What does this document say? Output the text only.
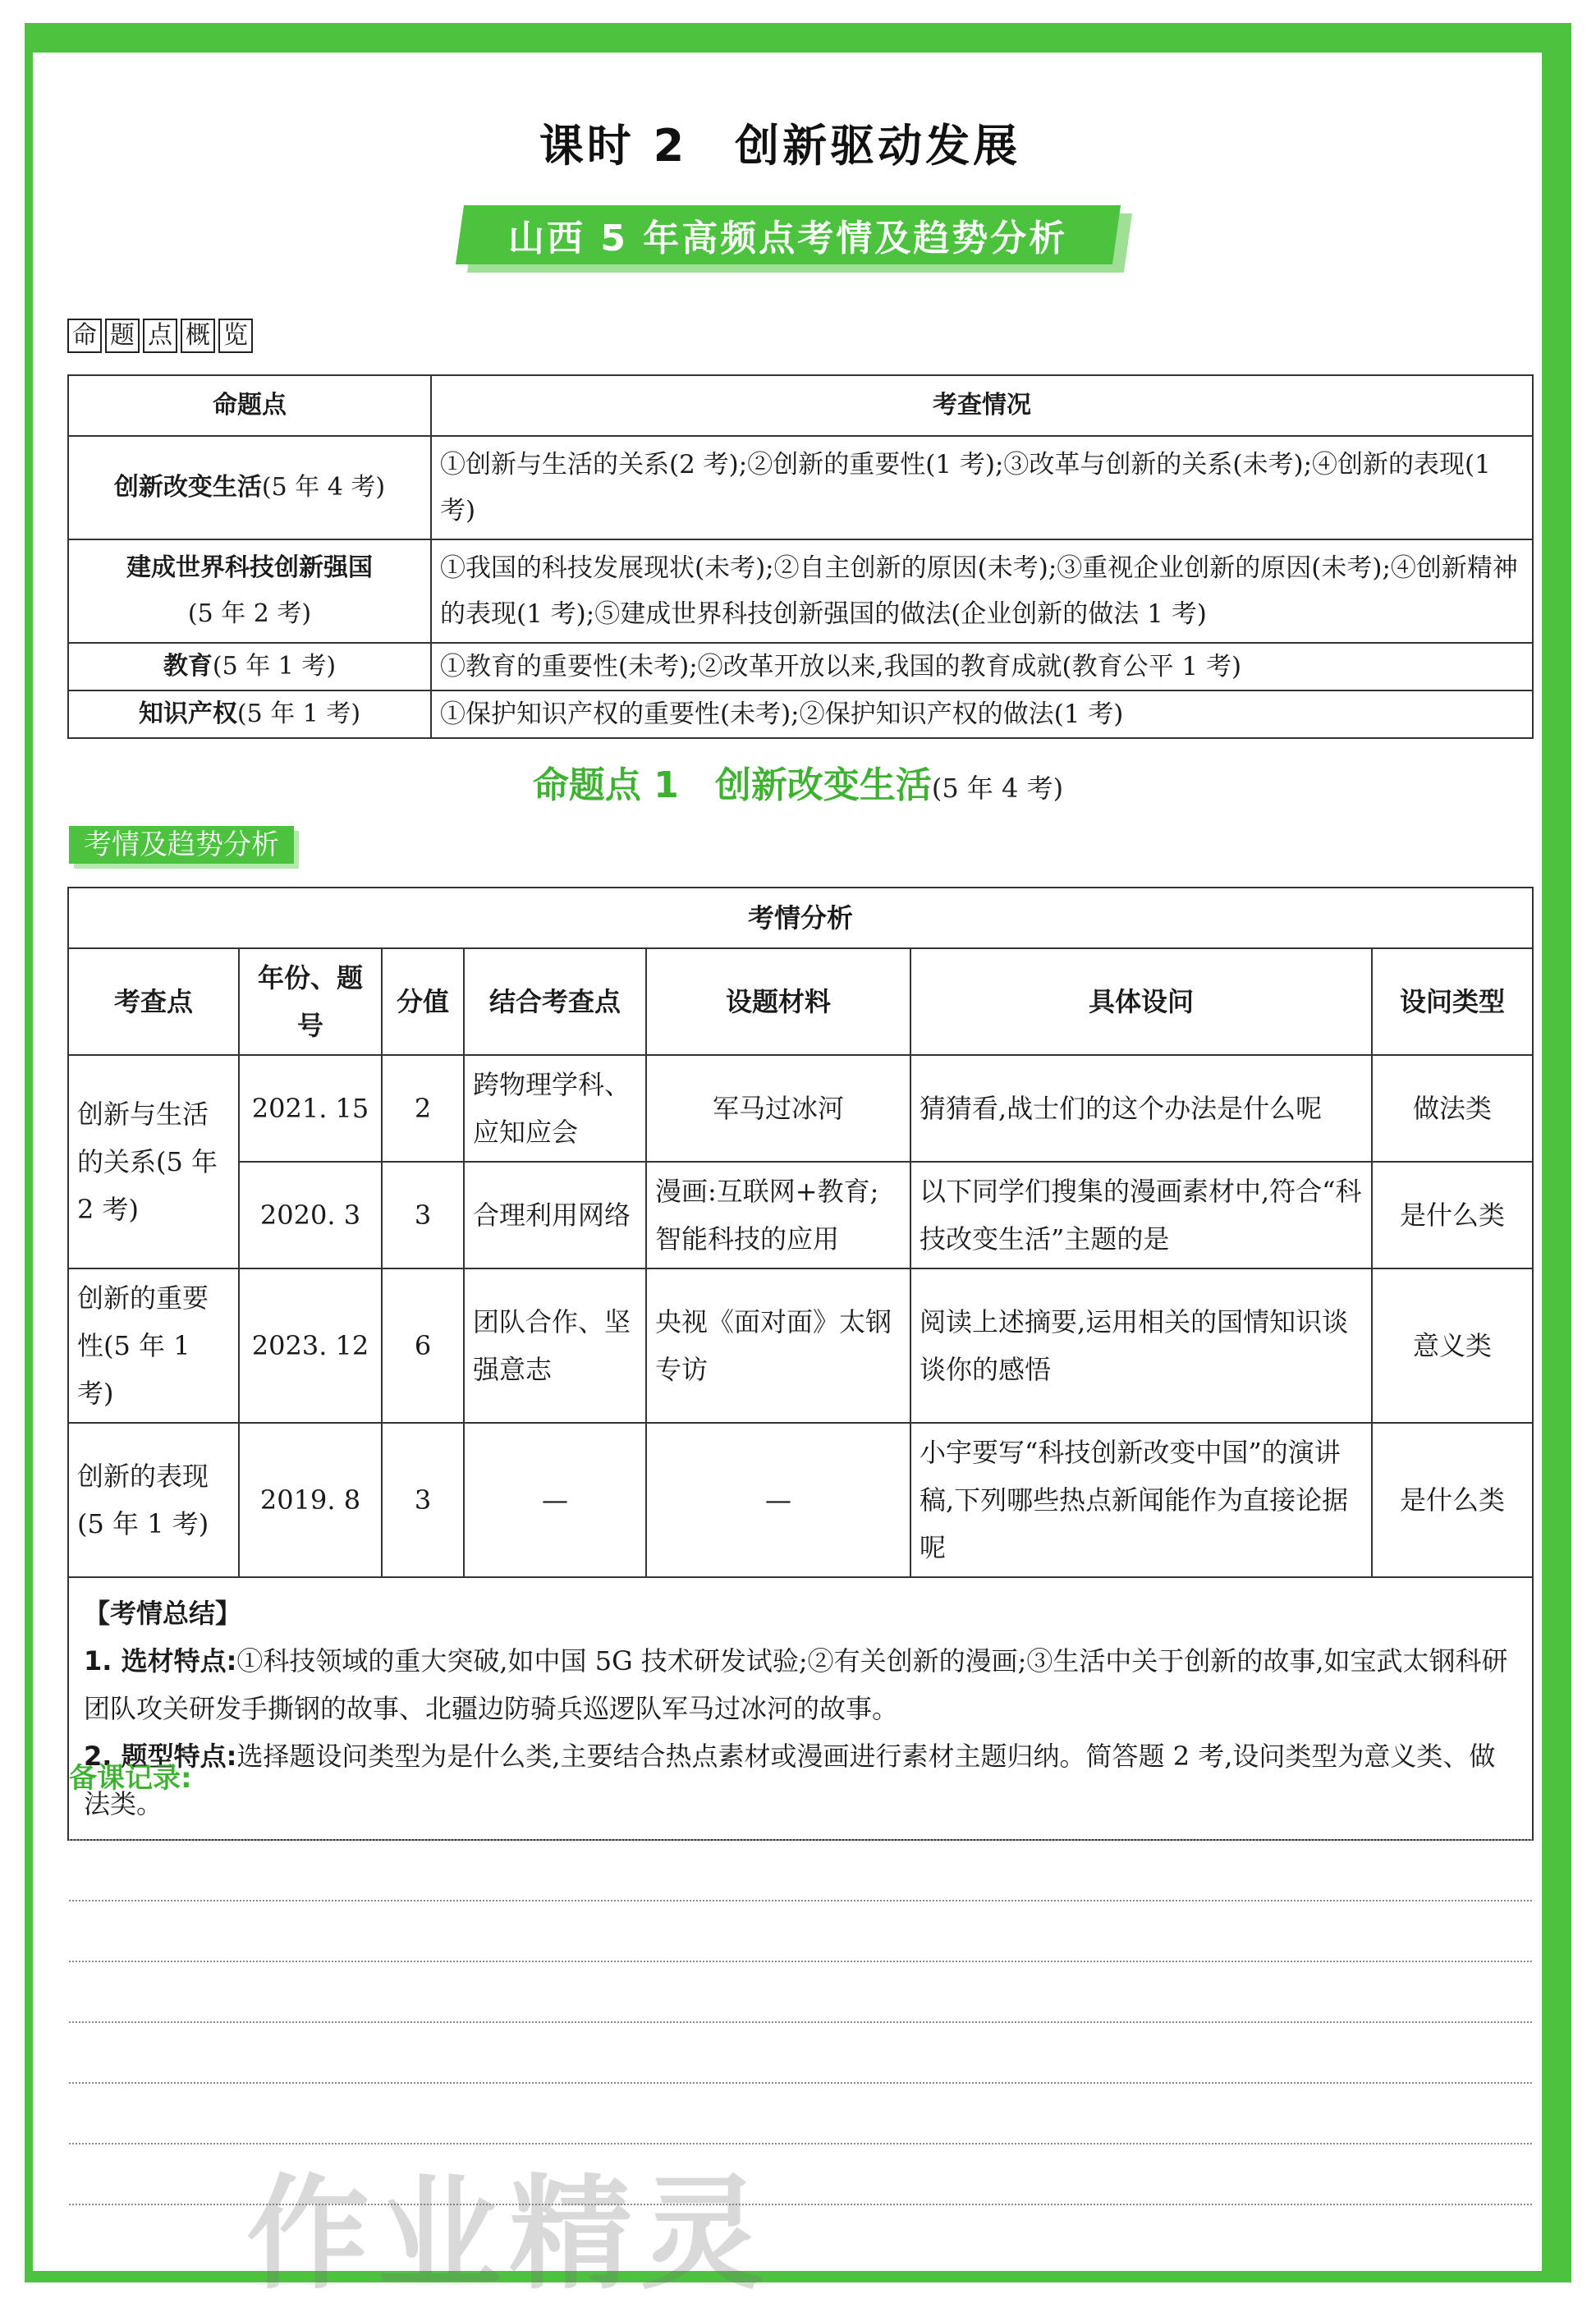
课时 2　创新驱动发展
山西 5 年高频点考情及趋势分析
命 题 点 概 览
命题点	考查情况
创新改变生活(5 年 4 考)	①创新与生活的关系(2 考);②创新的重要性(1 考);③改革与创新的关系(未考);④创新的表现(1 考)
建成世界科技创新强国
(5 年 2 考)	①我国的科技发展现状(未考);②自主创新的原因(未考);③重视企业创新的原因(未考);④创新精神的表现(1 考);⑤建成世界科技创新强国的做法(企业创新的做法 1 考)
教育(5 年 1 考)	①教育的重要性(未考);②改革开放以来,我国的教育成就(教育公平 1 考)
知识产权(5 年 1 考)	①保护知识产权的重要性(未考);②保护知识产权的做法(1 考)
命题点 1　创新改变生活(5 年 4 考)
考情及趋势分析
考情分析						
考查点	年份、题号	分值	结合考查点	设题材料	具体设问	设问类型
创新与生活的关系(5 年 2 考)	2021. 15	2	跨物理学科、应知应会	军马过冰河	猜猜看,战士们的这个办法是什么呢	做法类
	2020. 3	3	合理利用网络	漫画:互联网+教育;智能科技的应用	以下同学们搜集的漫画素材中,符合“科技改变生活”主题的是	是什么类
创新的重要性(5 年 1 考)	2023. 12	6	团队合作、坚强意志	央视《面对面》太钢专访	阅读上述摘要,运用相关的国情知识谈谈你的感悟	意义类
创新的表现(5 年 1 考)	2019. 8	3	—	—	小宇要写“科技创新改变中国”的演讲稿,下列哪些热点新闻能作为直接论据呢	是什么类

【考情总结】
1. 选材特点:①科技领域的重大突破,如中国 5G 技术研发试验;②有关创新的漫画;③生活中关于创新的故事,如宝武太钢科研团队攻关研发手撕钢的故事、北疆边防骑兵巡逻队军马过冰河的故事。
2. 题型特点:选择题设问类型为是什么类,主要结合热点素材或漫画进行素材主题归纳。简答题 2 考,设问类型为意义类、做法类。						
备课记录:
作业精灵
